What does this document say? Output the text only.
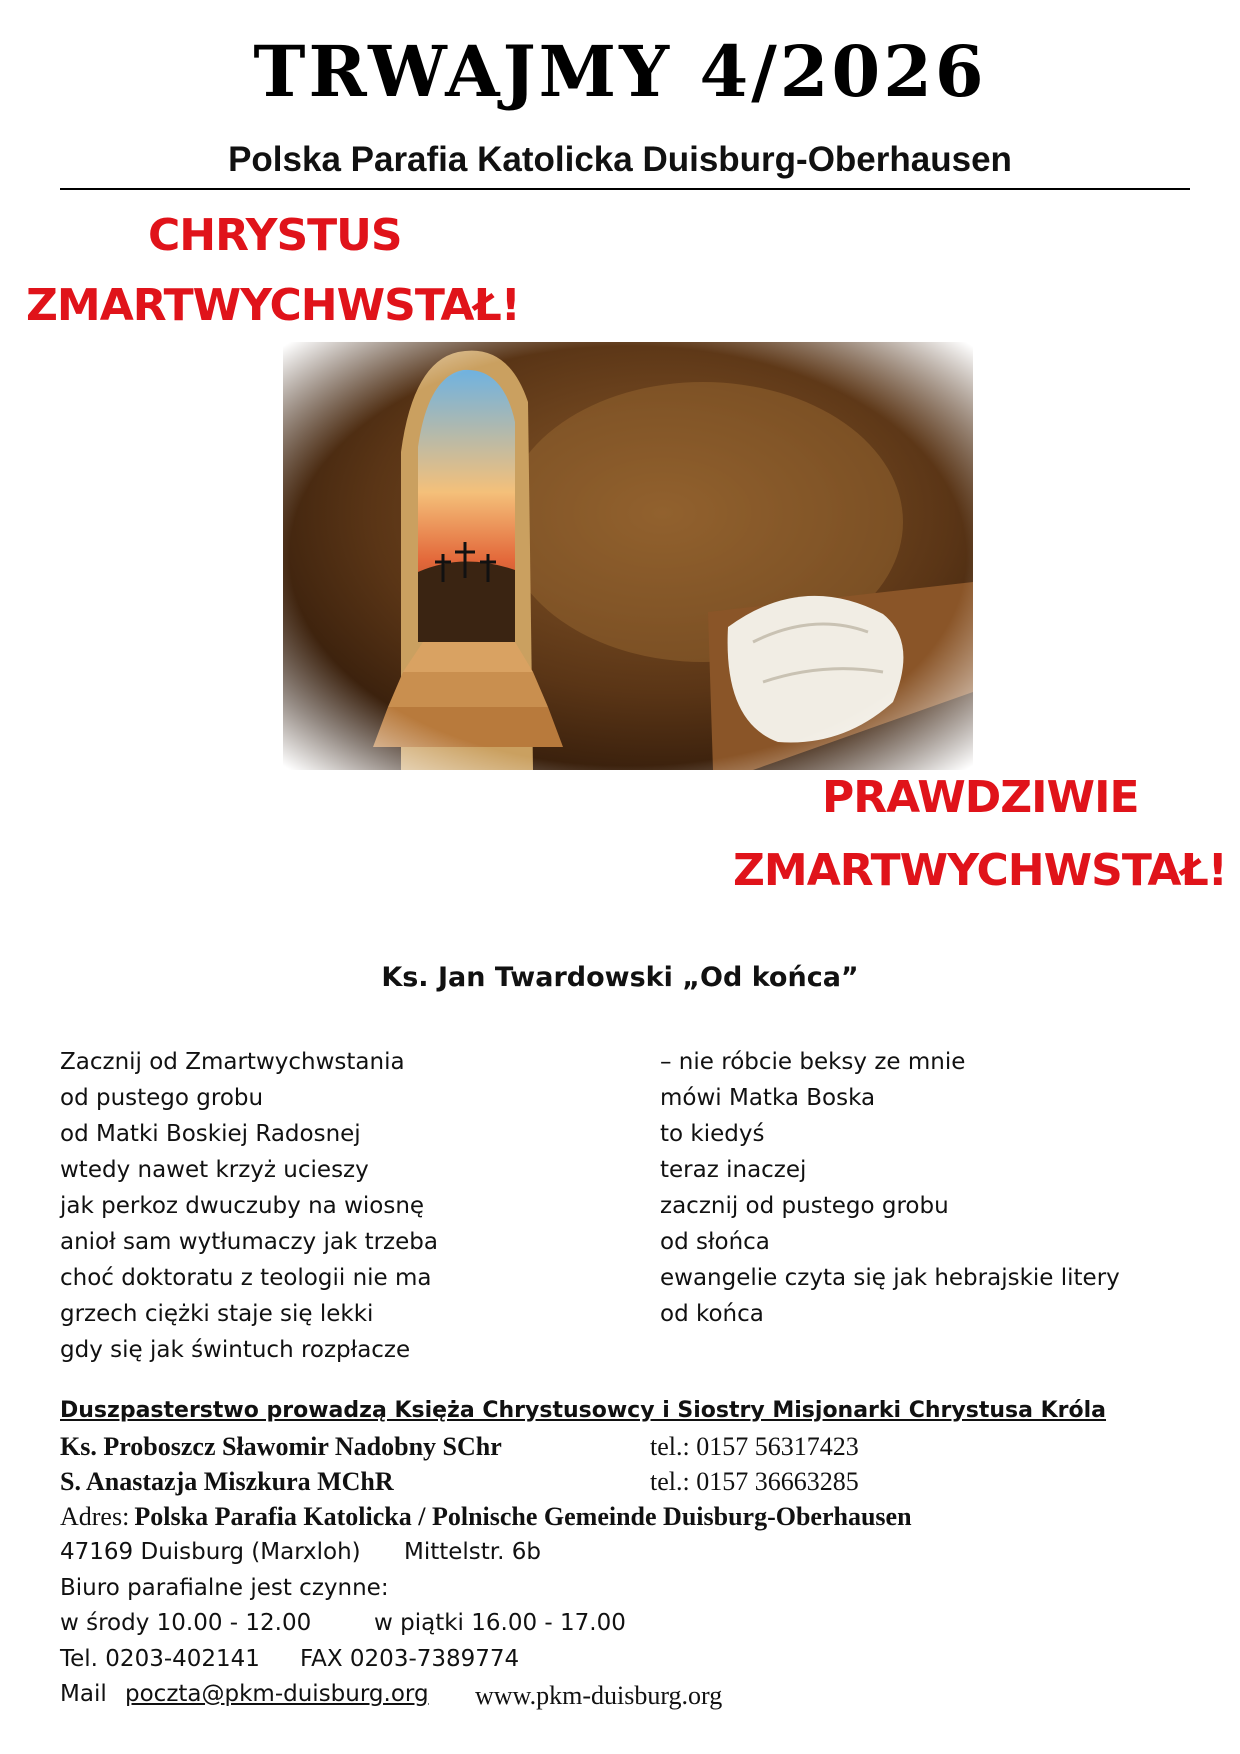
TRWAJMY 4/2026
Polska Parafia Katolicka Duisburg-Oberhausen
CHRYSTUS
ZMARTWYCHWSTAŁ!
PRAWDZIWIE
ZMARTWYCHWSTAŁ!
Ks. Jan Twardowski „Od końca”
Zacznij od Zmartwychwstania
od pustego grobu
od Matki Boskiej Radosnej
wtedy nawet krzyż ucieszy
jak perkoz dwuczuby na wiosnę
anioł sam wytłumaczy jak trzeba
choć doktoratu z teologii nie ma
grzech ciężki staje się lekki
gdy się jak świntuch rozpłacze
– nie róbcie beksy ze mnie
mówi Matka Boska
to kiedyś
teraz inaczej
zacznij od pustego grobu
od słońca
ewangelie czyta się jak hebrajskie litery
od końca
Duszpasterstwo prowadzą Księża Chrystusowcy i Siostry Misjonarki Chrystusa Króla
Ks. Proboszcz Sławomir Nadobny SChr	tel.: 0157 56317423
S. Anastazja Miszkura MChR	tel.: 0157 36663285
Adres: Polska Parafia Katolicka / Polnische Gemeinde Duisburg-Oberhausen
47169 Duisburg (Marxloh) Mittelstr. 6b
Biuro parafialne jest czynne:
w środy 10.00 - 12.00	w piątki 16.00 - 17.00
Tel. 0203-402141 FAX 0203-7389774
Mail poczta@pkm-duisburg.org www.pkm-duisburg.org
